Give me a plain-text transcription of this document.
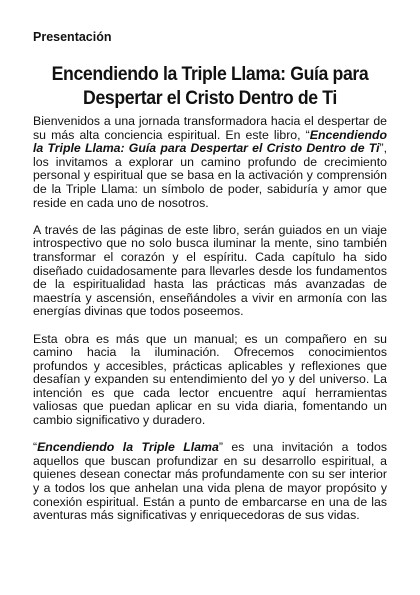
Presentación
Encendiendo la Triple Llama: Guía para Despertar el Cristo Dentro de Ti

Bienvenidos a una jornada transformadora hacia el despertar de su más alta conciencia espiritual. En este libro, “Encendiendo la Triple Llama: Guía para Despertar el Cristo Dentro de Ti”, los invitamos a explorar un camino profundo de crecimiento personal y espiritual que se basa en la activación y comprensión de la Triple Llama: un símbolo de poder, sabiduría y amor que reside en cada uno de nosotros.

A través de las páginas de este libro, serán guiados en un viaje introspectivo que no solo busca iluminar la mente, sino también transformar el corazón y el espíritu. Cada capítulo ha sido diseñado cuidadosamente para llevarles desde los fundamentos de la espiritualidad hasta las prácticas más avanzadas de maestría y ascensión, enseñándoles a vivir en armonía con las energías divinas que todos poseemos.

Esta obra es más que un manual; es un compañero en su camino hacia la iluminación. Ofrecemos conocimientos profundos y accesibles, prácticas aplicables y reflexiones que desafían y expanden su entendimiento del yo y del universo. La intención es que cada lector encuentre aquí herramientas valiosas que puedan aplicar en su vida diaria, fomentando un cambio significativo y duradero.

“Encendiendo la Triple Llama” es una invitación a todos aquellos que buscan profundizar en su desarrollo espiritual, a quienes desean conectar más profundamente con su ser interior y a todos los que anhelan una vida plena de mayor propósito y conexión espiritual. Están a punto de embarcarse en una de las aventuras más significativas y enriquecedoras de sus vidas.
